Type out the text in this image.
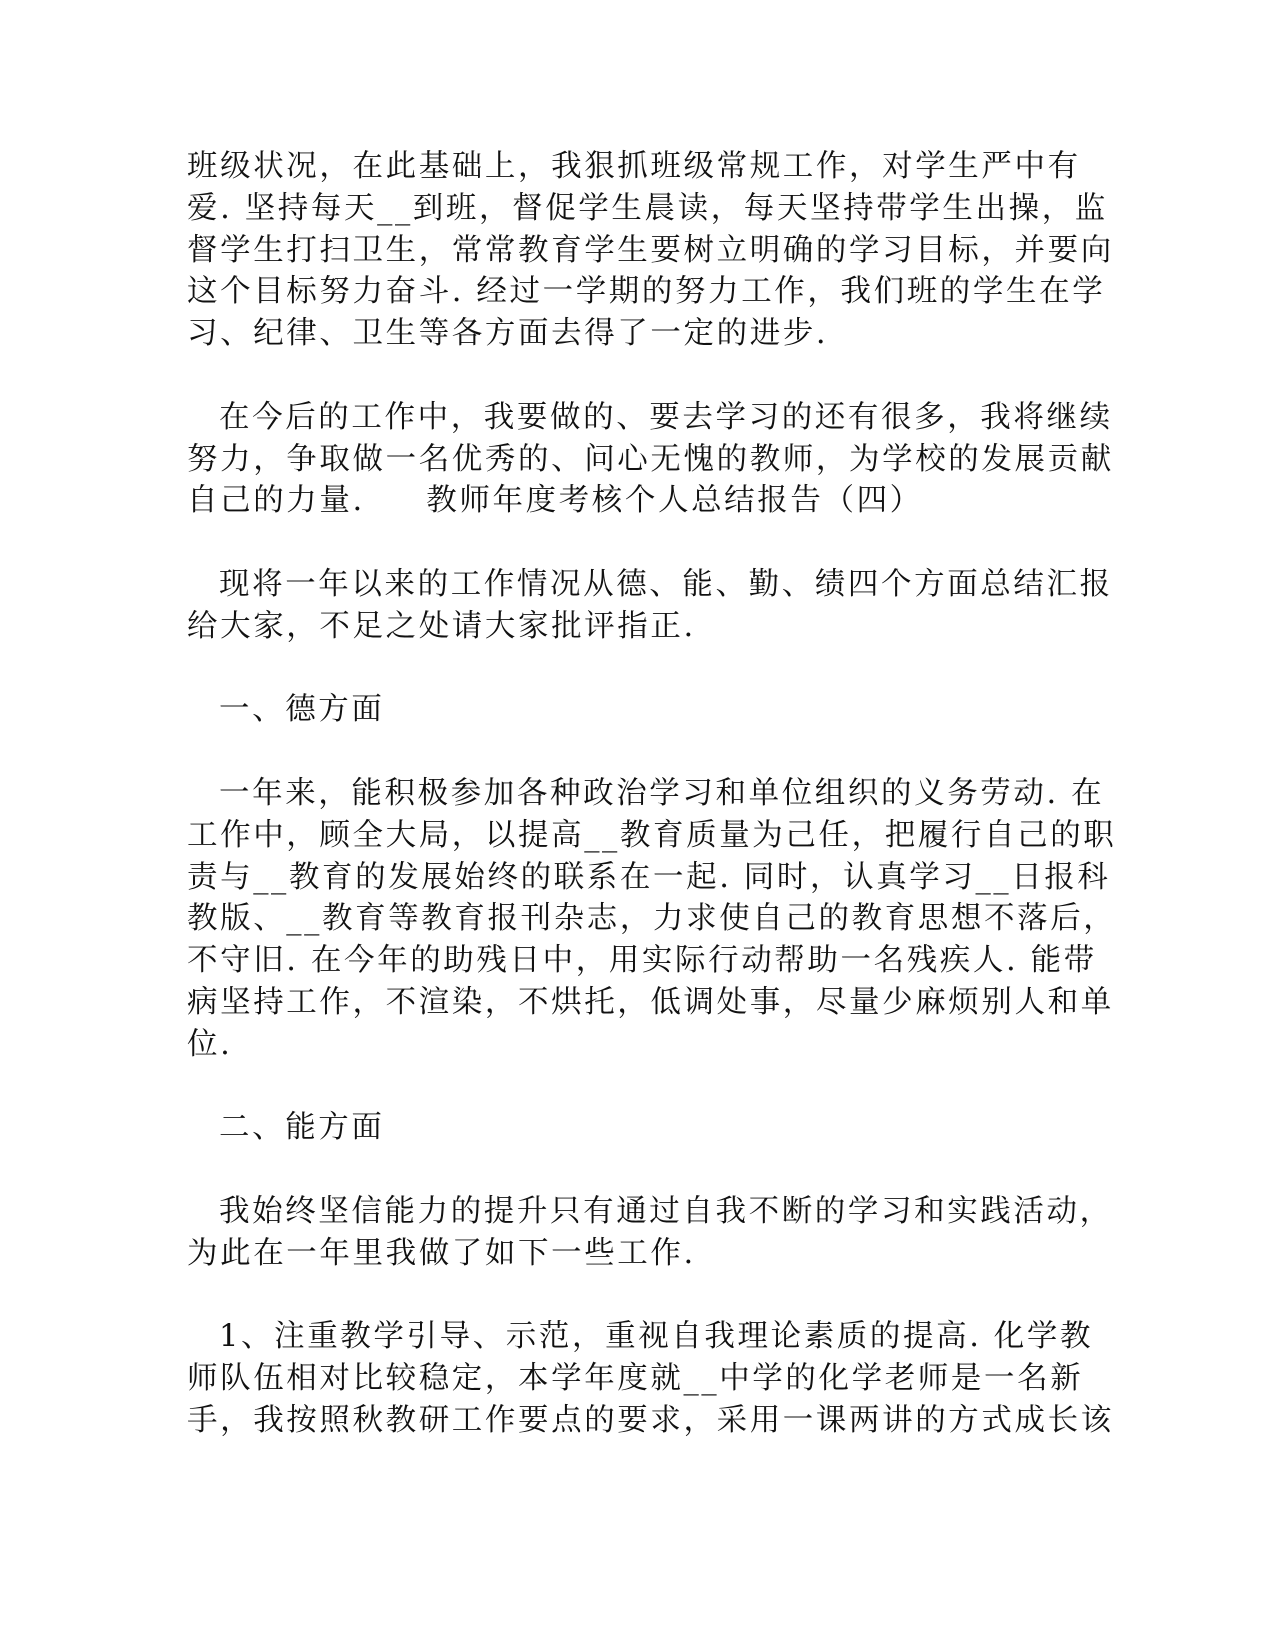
班级状况，在此基础上，我狠抓班级常规工作，对学生严中有
爱. 坚持每天__到班，督促学生晨读，每天坚持带学生出操，监
督学生打扫卫生，常常教育学生要树立明确的学习目标，并要向
这个目标努力奋斗. 经过一学期的努力工作，我们班的学生在学
习、纪律、卫生等各方面去得了一定的进步.
在今后的工作中，我要做的、要去学习的还有很多，我将继续
努力，争取做一名优秀的、问心无愧的教师，为学校的发展贡献
自己的力量.     教师年度考核个人总结报告（四）
现将一年以来的工作情况从德、能、勤、绩四个方面总结汇报
给大家，不足之处请大家批评指正.
一、德方面
一年来，能积极参加各种政治学习和单位组织的义务劳动. 在
工作中，顾全大局，以提高__教育质量为己任，把履行自己的职
责与__教育的发展始终的联系在一起. 同时，认真学习__日报科
教版、__教育等教育报刊杂志，力求使自己的教育思想不落后，
不守旧. 在今年的助残日中，用实际行动帮助一名残疾人. 能带
病坚持工作，不渲染，不烘托，低调处事，尽量少麻烦别人和单
位.
二、能方面
我始终坚信能力的提升只有通过自我不断的学习和实践活动，
为此在一年里我做了如下一些工作.
1、注重教学引导、示范，重视自我理论素质的提高. 化学教
师队伍相对比较稳定，本学年度就__中学的化学老师是一名新
手，我按照秋教研工作要点的要求，采用一课两讲的方式成长该
